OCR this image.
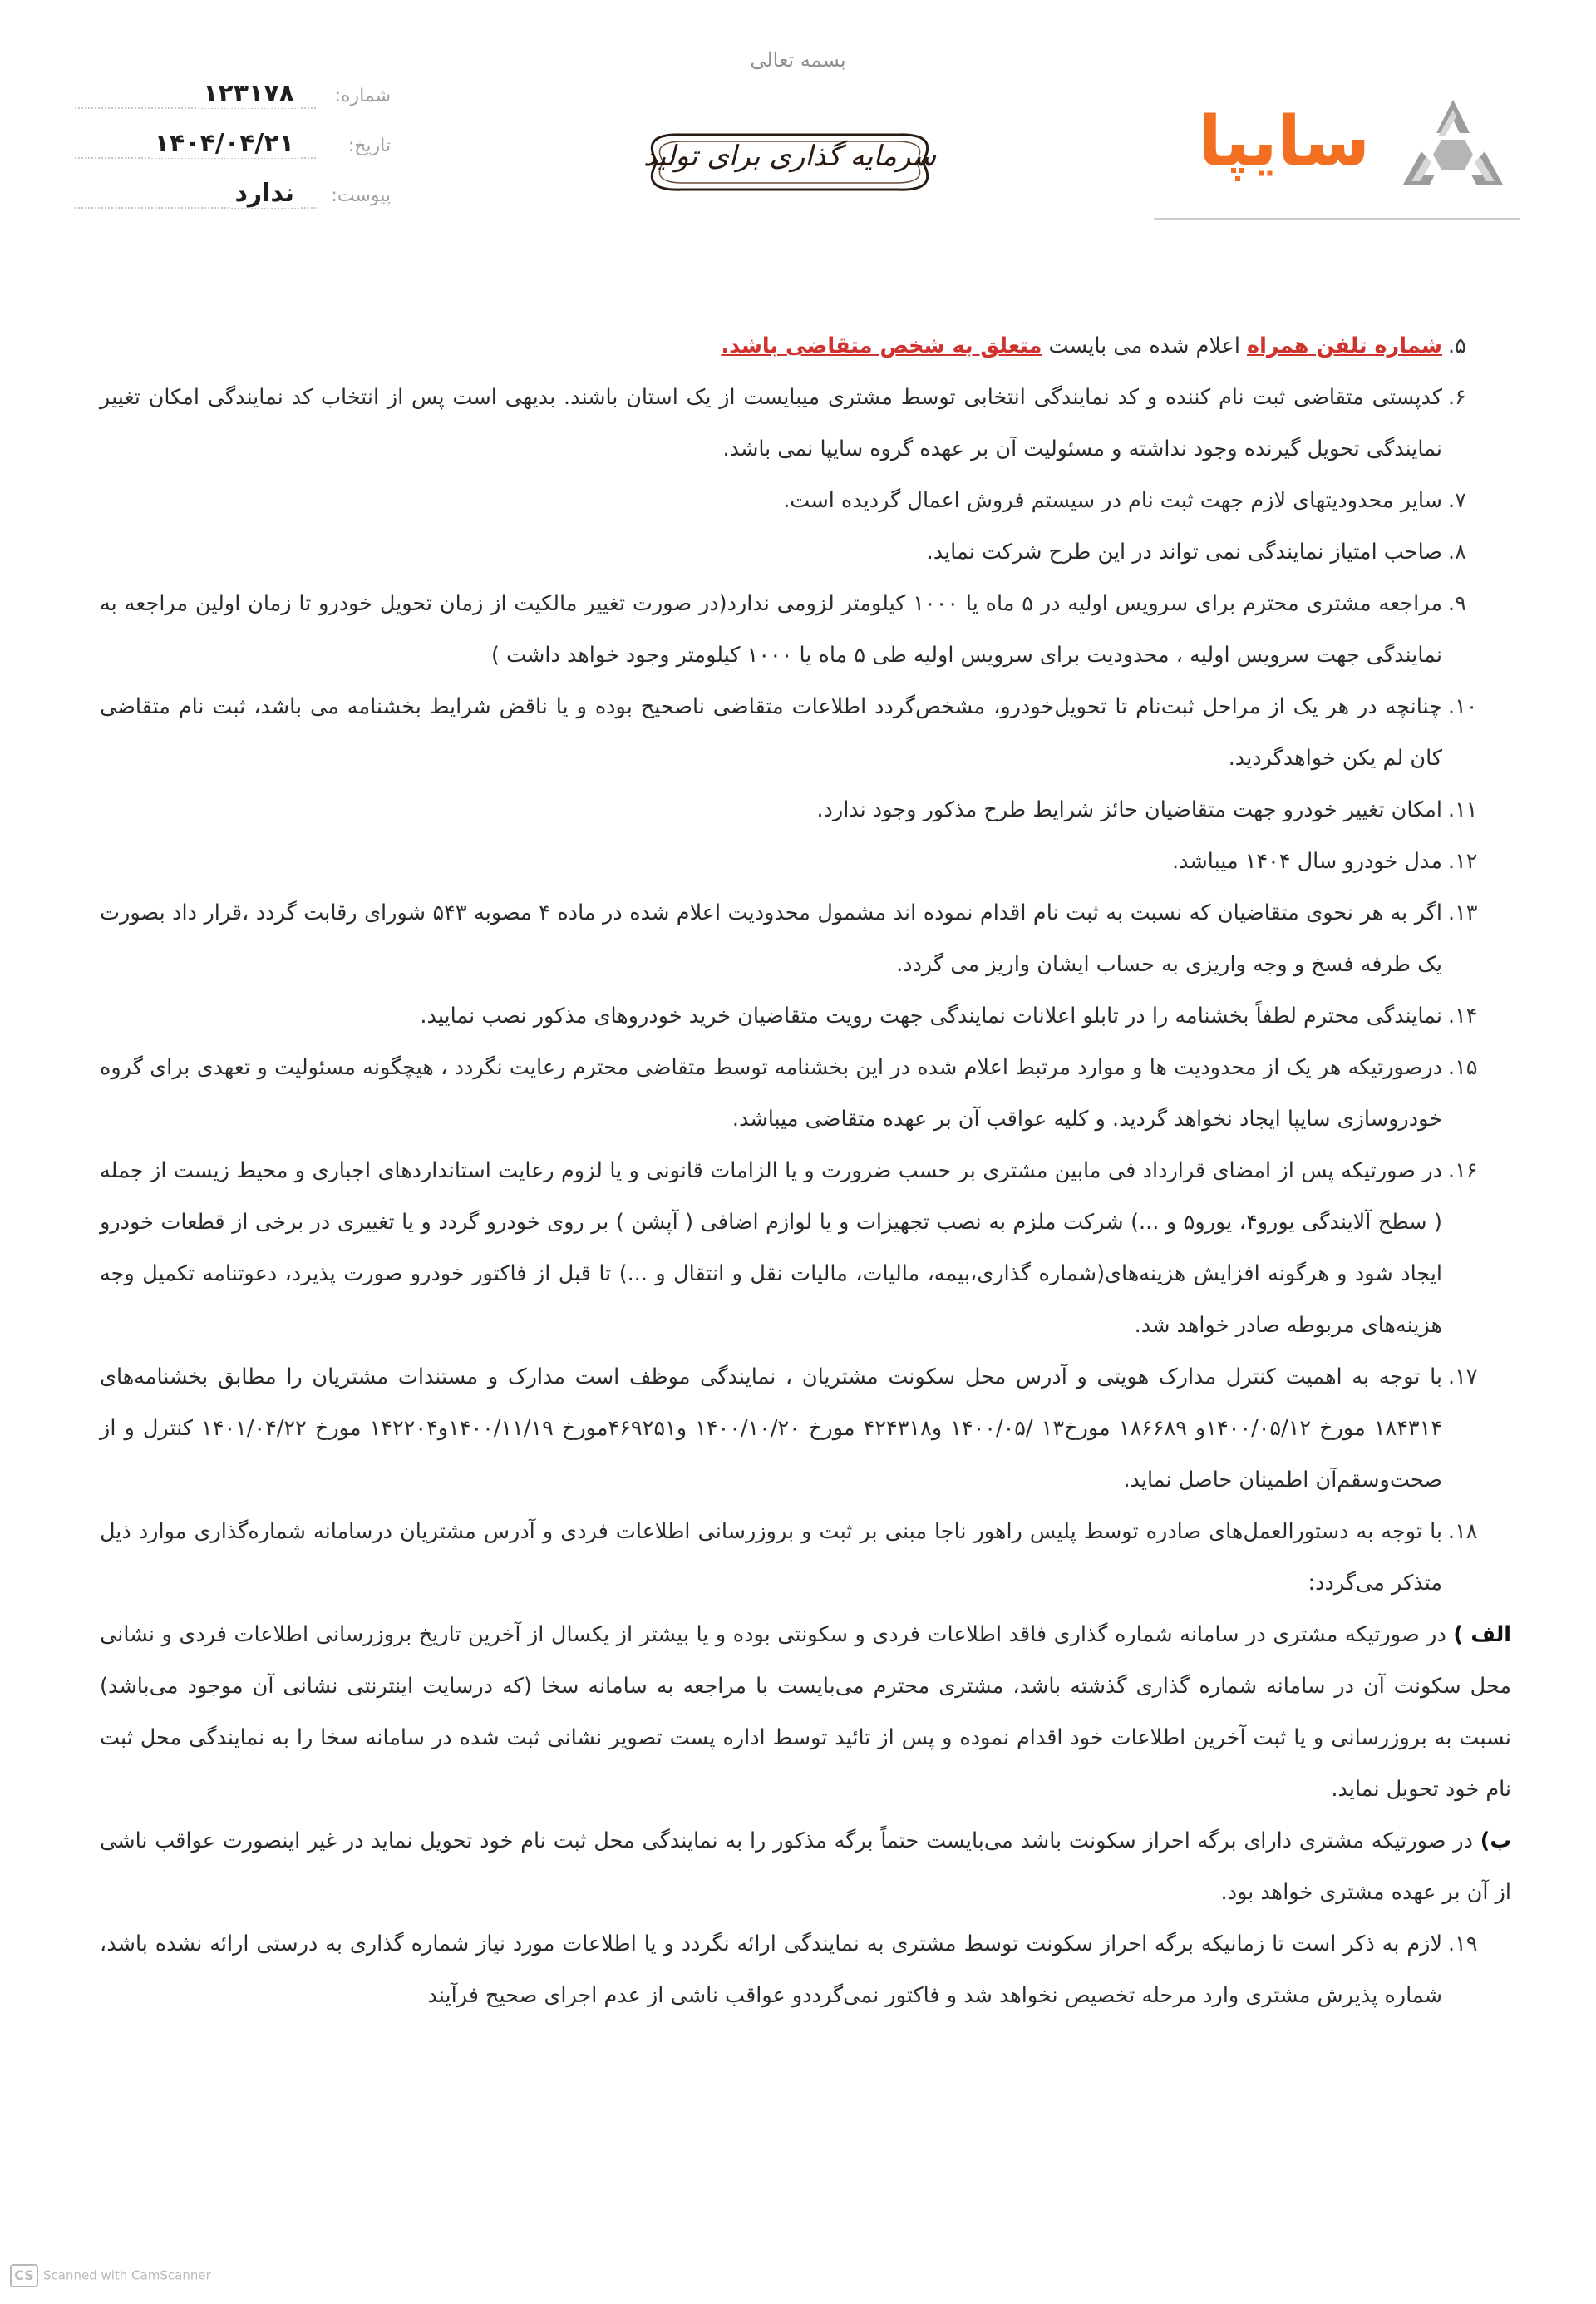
بسمه تعالی
سایپا
سرمایه گذاری برای تولید
شماره:
۱۲۳۱۷۸
تاریخ:
۱۴۰۴/۰۴/۲۱
پیوست:
ندارد

۵.
شماره تلفن همراه اعلام شده می بایست متعلق به شخص متقاضی باشد.

۶.
کدپستی متقاضی ثبت نام کننده و کد نمایندگی انتخابی توسط مشتری میبایست از یک استان باشند. بدیهی است پس از انتخاب کد نمایندگی امکان تغییر نمایندگی تحویل گیرنده وجود نداشته و مسئولیت آن بر عهده گروه سایپا نمی باشد.

۷.
سایر محدودیتهای لازم جهت ثبت نام در سیستم فروش اعمال گردیده است.

۸.
صاحب امتیاز نمایندگی نمی تواند در این طرح شرکت نماید.

۹.
مراجعه مشتری محترم برای سرویس اولیه در ۵ ماه یا ۱۰۰۰ کیلومتر لزومی ندارد(در صورت تغییر مالکیت از زمان تحویل خودرو تا زمان اولین مراجعه به نمایندگی جهت سرویس اولیه ، محدودیت برای سرویس اولیه طی ۵ ماه یا ۱۰۰۰ کیلومتر وجود خواهد داشت )

۱۰.
چنانچه در هر یک از مراحل ثبت‌نام تا تحویل‌خودرو، مشخص‌گردد اطلاعات متقاضی ناصحیح بوده و یا ناقض شرایط بخشنامه می باشد، ثبت نام متقاضی کان لم یکن خواهدگردید.

۱۱.
امکان تغییر خودرو جهت متقاضیان حائز شرایط طرح مذکور وجود ندارد.

۱۲.
مدل خودرو سال ۱۴۰۴ میباشد.

۱۳.
اگر به هر نحوی متقاضیان که نسبت به ثبت نام اقدام نموده اند مشمول محدودیت اعلام شده در ماده ۴ مصوبه ۵۴۳ شورای رقابت گردد ،قرار داد بصورت یک طرفه فسخ و وجه واریزی به حساب ایشان واریز می گردد.

۱۴.
نمایندگی محترم لطفاً بخشنامه را در تابلو اعلانات نمایندگی جهت رویت متقاضیان خرید خودروهای مذکور نصب نمایید.

۱۵.
درصورتیکه هر یک از محدودیت ها و موارد مرتبط اعلام شده در این بخشنامه توسط متقاضی محترم رعایت نگردد ، هیچگونه مسئولیت و تعهدی برای گروه خودروسازی سایپا ایجاد نخواهد گردید. و کلیه عواقب آن بر عهده متقاضی میباشد.

۱۶.
در صورتیکه پس از امضای قرارداد فی مابین مشتری بر حسب ضرورت و یا الزامات قانونی و یا لزوم رعایت استانداردهای اجباری و محیط زیست از جمله ( سطح آلایندگی یورو۴، یورو۵ و ...) شرکت ملزم به نصب تجهیزات و یا لوازم اضافی ( آپشن ) بر روی خودرو گردد و یا تغییری در برخی از قطعات خودرو ایجاد شود و هرگونه افزایش هزینه‌های(شماره گذاری،بیمه، مالیات، مالیات نقل و انتقال و ...) تا قبل از فاکتور خودرو صورت پذیرد، دعوتنامه تکمیل وجه هزینه‌های مربوطه صادر خواهد شد.

۱۷.
با توجه به اهمیت کنترل مدارک هویتی و آدرس محل سکونت مشتریان ، نمایندگی موظف است مدارک و مستندات مشتریان را مطابق بخشنامه‌های ۱۸۴۳۱۴ مورخ ۱۴۰۰/۰۵/۱۲و ۱۸۶۶۸۹ مورخ۱۳ /۱۴۰۰/۰۵ و۴۲۴۳۱۸ مورخ ۱۴۰۰/۱۰/۲۰ و۴۶۹۲۵۱مورخ ۱۴۰۰/۱۱/۱۹و۱۴۲۲۰۴ مورخ ۱۴۰۱/۰۴/۲۲ کنترل و از صحت‌وسقم‌آن اطمینان حاصل نماید.

۱۸.
با توجه به دستورالعمل‌های صادره توسط پلیس راهور ناجا مبنی بر ثبت و بروزرسانی اطلاعات فردی و آدرس مشتریان درسامانه شماره‌گذاری موارد ذیل متذکر می‌گردد:

الف ) در صورتیکه مشتری در سامانه شماره گذاری فاقد اطلاعات فردی و سکونتی بوده و یا بیشتر از یکسال از آخرین تاریخ بروزرسانی اطلاعات فردی و نشانی محل سکونت آن در سامانه شماره گذاری گذشته باشد، مشتری محترم می‌بایست با مراجعه به سامانه سخا (که درسایت اینترنتی نشانی آن موجود می‌باشد) نسبت به بروزرسانی و یا ثبت آخرین اطلاعات خود اقدام نموده و پس از تائید توسط اداره پست تصویر نشانی ثبت شده در سامانه سخا را به نمایندگی محل ثبت نام خود تحویل نماید.

ب) در صورتیکه مشتری دارای برگه احراز سکونت باشد می‌بایست حتماً برگه مذکور را به نمایندگی محل ثبت نام خود تحویل نماید در غیر اینصورت عواقب ناشی از آن بر عهده مشتری خواهد بود.

۱۹.
لازم به ذکر است تا زمانیکه برگه احراز سکونت توسط مشتری به نمایندگی ارائه نگردد و یا اطلاعات مورد نیاز شماره گذاری به درستی ارائه نشده باشد، شماره پذیرش مشتری وارد مرحله تخصیص نخواهد شد و فاکتور نمی‌گرددو عواقب ناشی از عدم اجرای صحیح فرآیند

CS Scanned with CamScanner
